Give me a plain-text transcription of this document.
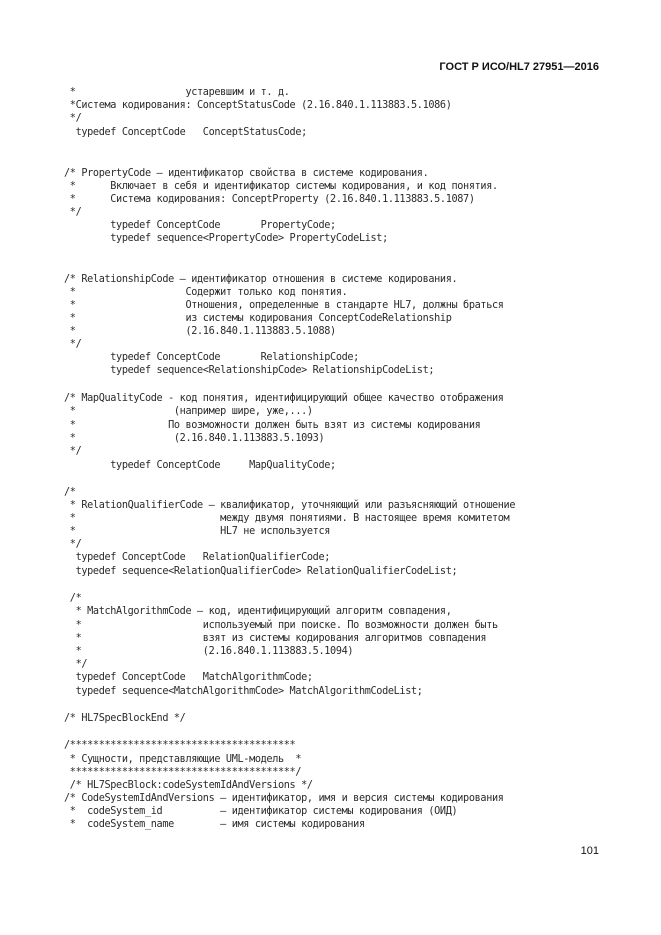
ГОСТ Р ИСО/HL7 27951—2016
*                   устаревшим и т. д.
*Система кодирования: ConceptStatusCode (2.16.840.1.113883.5.1086)
*/
typedef ConceptCode   ConceptStatusCode;
/* PropertyCode — идентификатор свойства в системе кодирования.
*      Включает в себя и идентификатор системы кодирования, и код понятия.
*      Система кодирования: ConceptProperty (2.16.840.1.113883.5.1087)
*/
typedef ConceptCode       PropertyCode;
typedef sequence<PropertyCode> PropertyCodeList;
/* RelationshipCode — идентификатор отношения в системе кодирования.
*                   Содержит только код понятия.
*                   Отношения, определенные в стандарте HL7, должны браться
*                   из системы кодирования ConceptCodeRelationship
*                   (2.16.840.1.113883.5.1088)
*/
typedef ConceptCode       RelationshipCode;
typedef sequence<RelationshipCode> RelationshipCodeList;
/* MapQualityCode - код понятия, идентифицирующий общее качество отображения
*                 (например шире, уже,...)
*                По возможности должен быть взят из системы кодирования
*                 (2.16.840.1.113883.5.1093)
*/
typedef ConceptCode     MapQualityCode;
/*
* RelationQualifierCode — квалификатор, уточняющий или разъясняющий отношение
*                         между двумя понятиями. В настоящее время комитетом
*                         HL7 не используется
*/
typedef ConceptCode   RelationQualifierCode;
typedef sequence<RelationQualifierCode> RelationQualifierCodeList;
/*
* MatchAlgorithmCode — код, идентифицирующий алгоритм совпадения,
*                     используемый при поиске. По возможности должен быть
*                     взят из системы кодирования алгоритмов совпадения
*                     (2.16.840.1.113883.5.1094)
*/
typedef ConceptCode   MatchAlgorithmCode;
typedef sequence<MatchAlgorithmCode> MatchAlgorithmCodeList;
/* HL7SpecBlockEnd */
/***************************************
* Сущности, представляющие UML-модель  *
***************************************/
/* HL7SpecBlock:codeSystemIdAndVersions */
/* CodeSystemIdAndVersions — идентификатор, имя и версия системы кодирования
*  codeSystem_id          — идентификатор системы кодирования (ОИД)
*  codeSystem_name        — имя системы кодирования
101
